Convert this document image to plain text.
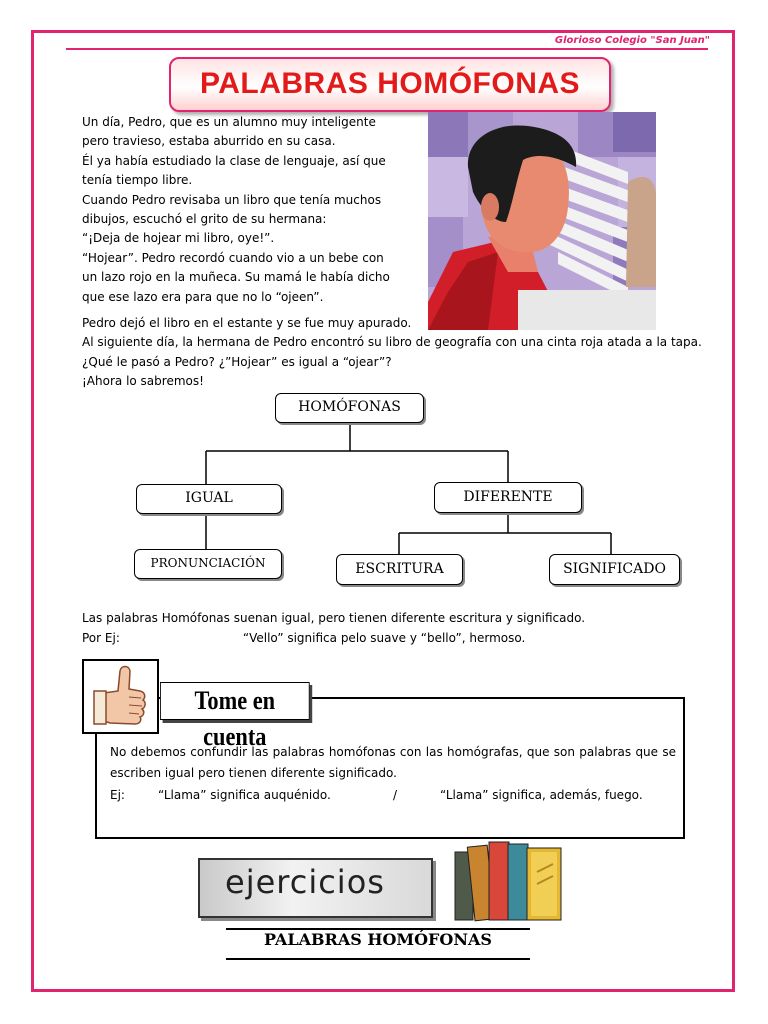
Glorioso Colegio "San Juan"
PALABRAS HOMÓFONAS

Un día, Pedro, que es un alumno muy inteligente

pero travieso, estaba aburrido en su casa.

Él ya había estudiado la clase de lenguaje, así que

tenía tiempo libre.

Cuando Pedro revisaba un libro que tenía muchos

dibujos, escuchó el grito de su hermana:

“¡Deja de hojear mi libro, oye!”.

“Hojear”. Pedro recordó cuando vio a un bebe con

un lazo rojo en la muñeca. Su mamá le había dicho

que ese lazo era para que no lo “ojeen”.

Pedro dejó el libro en el estante y se fue muy apurado.

Al siguiente día, la hermana de Pedro encontró su libro de geografía con una cinta roja atada a la tapa.

¿Qué le pasó a Pedro? ¿”Hojear” es igual a “ojear”?

¡Ahora lo sabremos!

HOMÓFONAS
IGUAL	DIFERENTE
PRONUNCIACIÓN	ESCRITURA	SIGNIFICADO

Las palabras Homófonas suenan igual, pero tienen diferente escritura y significado.

Por Ej:	“Vello” significa pelo suave y “bello”, hermoso.

Tome en cuenta

No debemos confundir las palabras homófonas con las homógrafas, que son palabras que se escriben igual pero tienen diferente significado.

Ej:	“Llama” significa auquénido.	/	“Llama” significa, además, fuego.
ejercicios
PALABRAS HOMÓFONAS
